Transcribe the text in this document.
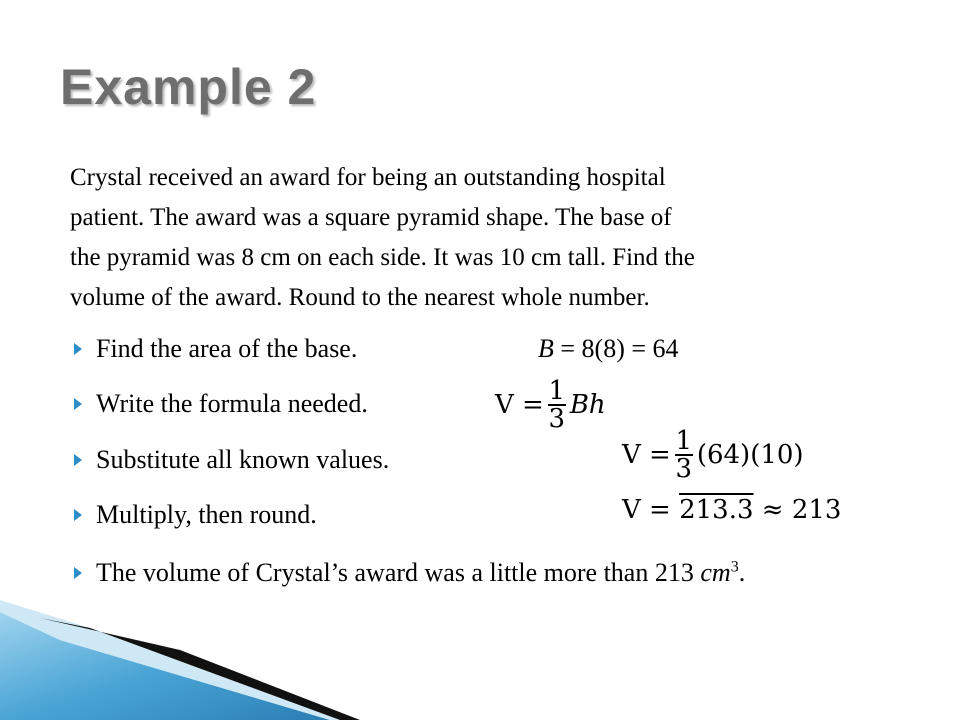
Example 2

Crystal received an award for being an outstanding hospital

patient. The award was a square pyramid shape. The base of

the pyramid was 8 cm on each side. It was 10 cm tall. Find the

volume of the award. Round to the nearest whole number.

Find the area of the base.	B = 8(8) = 64
Write the formula needed.	V = 1
3 Bh
Substitute all known values.	V = 1
3 (64)(10)
Multiply, then round.	V =
213.3
≈ 213
The volume of Crystal’s award was a little more than 213 $cm^3$.
